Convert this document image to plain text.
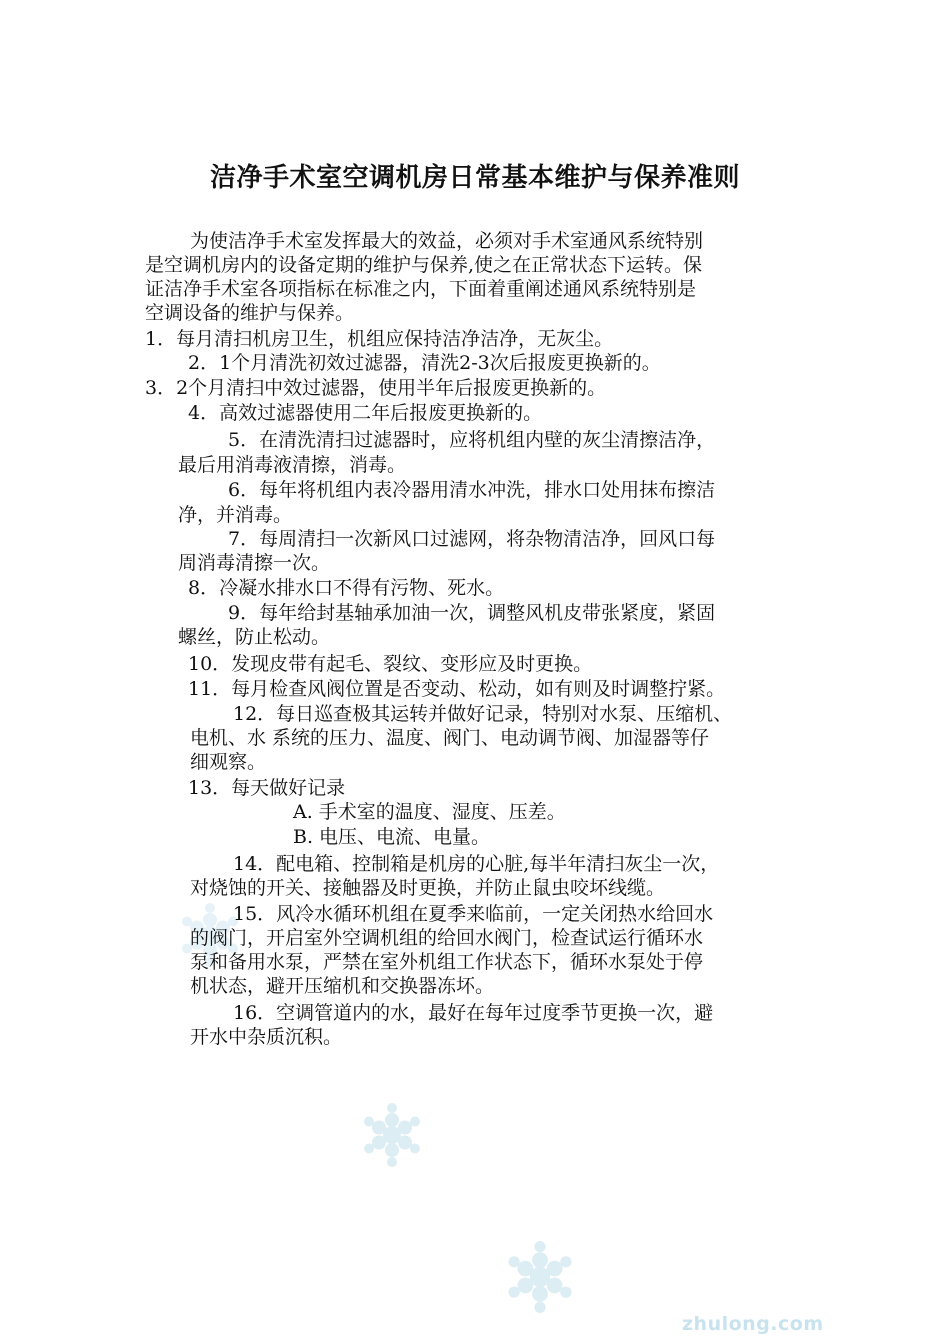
洁净手术室空调机房日常基本维护与保养准则
为使洁净手术室发挥最大的效益，必须对手术室通风系统特别
是空调机房内的设备定期的维护与保养,使之在正常状态下运转。保
证洁净手术室各项指标在标准之内，下面着重阐述通风系统特别是
空调设备的维护与保养。
1．每月清扫机房卫生，机组应保持洁净洁净，无灰尘。
2．1个月清洗初效过滤器，清洗2-3次后报废更换新的。
3．2个月清扫中效过滤器，使用半年后报废更换新的。
4．高效过滤器使用二年后报废更换新的。
5．在清洗清扫过滤器时，应将机组内壁的灰尘清擦洁净，
最后用消毒液清擦，消毒。
6．每年将机组内表冷器用清水冲洗，排水口处用抹布擦洁
净，并消毒。
7．每周清扫一次新风口过滤网，将杂物清洁净，回风口每
周消毒清擦一次。
8．冷凝水排水口不得有污物、死水。
9．每年给封基轴承加油一次，调整风机皮带张紧度，紧固
螺丝，防止松动。
10．发现皮带有起毛、裂纹、变形应及时更换。
11．每月检查风阀位置是否变动、松动，如有则及时调整拧紧。
12．每日巡查极其运转并做好记录，特别对水泵、压缩机、
电机、水 系统的压力、温度、阀门、电动调节阀、加湿器等仔
细观察。
13．每天做好记录
A. 手术室的温度、湿度、压差。
B. 电压、电流、电量。
14．配电箱、控制箱是机房的心脏,每半年清扫灰尘一次，
对烧蚀的开关、接触器及时更换，并防止鼠虫咬坏线缆。
15．风冷水循环机组在夏季来临前，一定关闭热水给回水
的阀门，开启室外空调机组的给回水阀门，检查试运行循环水
泵和备用水泵，严禁在室外机组工作状态下，循环水泵处于停
机状态，避开压缩机和交换器冻坏。
16．空调管道内的水，最好在每年过度季节更换一次，避
开水中杂质沉积。
zhulong.com
